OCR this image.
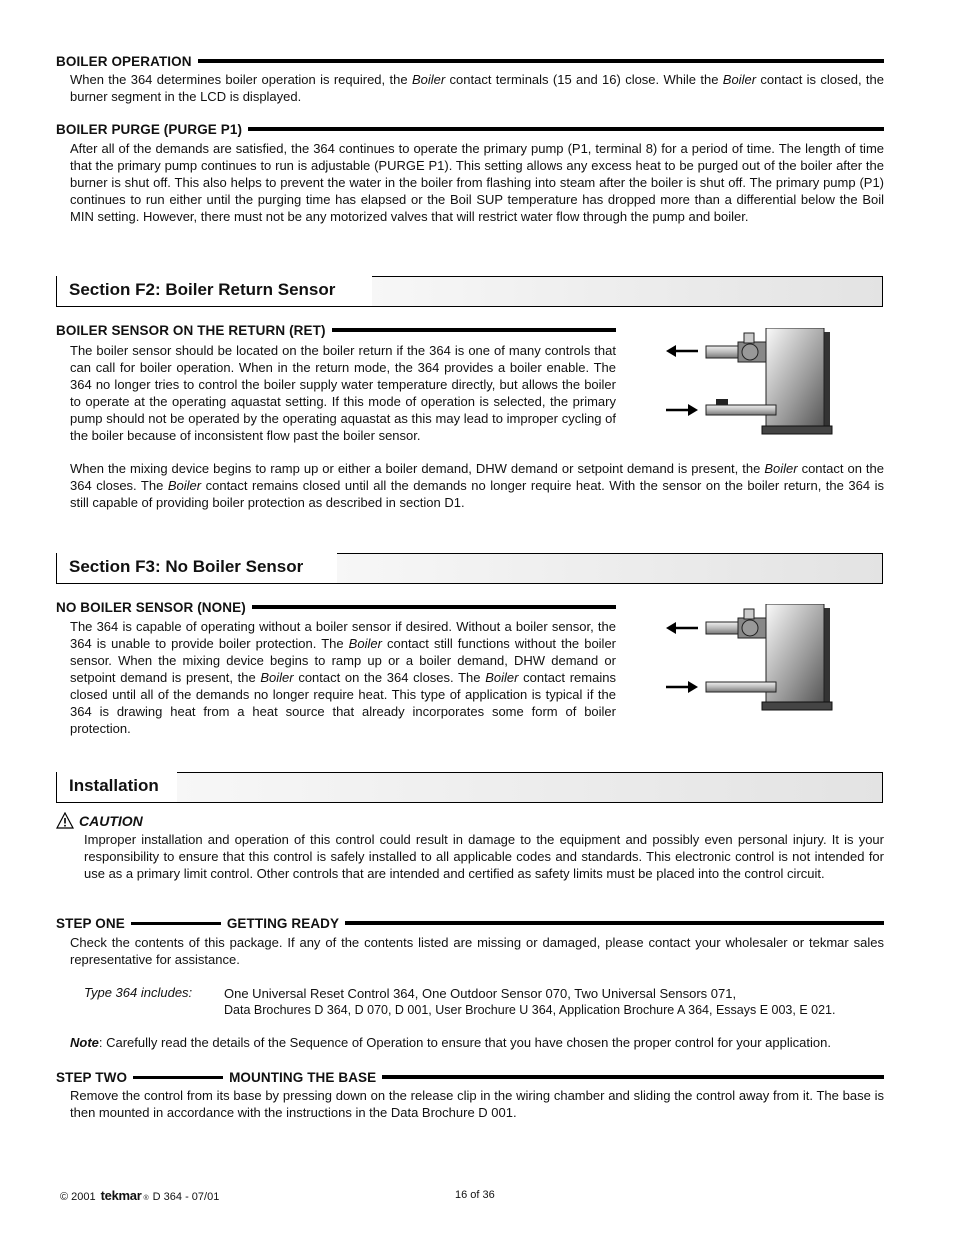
BOILER OPERATION
When the 364 determines boiler operation is required, the Boiler contact terminals (15 and 16) close. While the Boiler contact is closed, the burner segment in the LCD is displayed.
BOILER PURGE (PURGE P1)
After all of the demands are satisfied, the 364 continues to operate the primary pump (P1, terminal 8) for a period of time. The length of time that the primary pump continues to run is adjustable (PURGE P1). This setting allows any excess heat to be purged out of the boiler after the burner is shut off. This also helps to prevent the water in the boiler from flashing into steam after the boiler is shut off. The primary pump (P1) continues to run either until the purging time has elapsed or the Boil SUP temperature has dropped more than a differential below the Boil MIN setting. However, there must not be any motorized valves that will restrict water flow through the pump and boiler.
Section F2: Boiler Return Sensor
BOILER SENSOR ON THE RETURN (RET)
The boiler sensor should be located on the boiler return if the 364 is one of many controls that can call for boiler operation. When in the return mode, the 364 provides a boiler enable. The 364 no longer tries to control the boiler supply water temperature directly, but allows the boiler to operate at the operating aquastat setting. If this mode of operation is selected, the primary pump should not be operated by the operating aquastat as this may lead to improper cycling of the boiler because of inconsistent flow past the boiler sensor.
When the mixing device begins to ramp up or either a boiler demand, DHW demand or setpoint demand is present, the Boiler contact on the 364 closes. The Boiler contact remains closed until all the demands no longer require heat. With the sensor on the boiler return, the 364 is still capable of providing boiler protection as described in section D1.
Section F3: No Boiler Sensor
NO BOILER SENSOR (NONE)
The 364 is capable of operating without a boiler sensor if desired. Without a boiler sensor, the 364 is unable to provide boiler protection. The Boiler contact still functions without the boiler sensor. When the mixing device begins to ramp up or a boiler demand, DHW demand or setpoint demand is present, the Boiler contact on the 364 closes. The Boiler contact remains closed until all of the demands no longer require heat. This type of application is typical if the 364 is drawing heat from a heat source that already incorporates some form of boiler protection.
Installation
CAUTION
Improper installation and operation of this control could result in damage to the equipment and possibly even personal injury. It is your responsibility to ensure that this control is safely installed to all applicable codes and standards. This electronic control is not intended for use as a primary limit control. Other controls that are intended and certified as safety limits must be placed into the control circuit.
STEP ONE	GETTING READY
Check the contents of this package. If any of the contents listed are missing or damaged, please contact your wholesaler or tekmar sales representative for assistance.
Type 364 includes: One Universal Reset Control 364, One Outdoor Sensor 070, Two Universal Sensors 071,
Data Brochures D 364, D 070, D 001, User Brochure U 364, Application Brochure A 364, Essays E 003, E 021.
Note: Carefully read the details of the Sequence of Operation to ensure that you have chosen the proper control for your application.
STEP TWO	MOUNTING THE BASE
Remove the control from its base by pressing down on the release clip in the wiring chamber and sliding the control away from it. The base is then mounted in accordance with the instructions in the Data Brochure D 001.
© 2001 tekmar ® D 364 - 07/01	16 of 36
